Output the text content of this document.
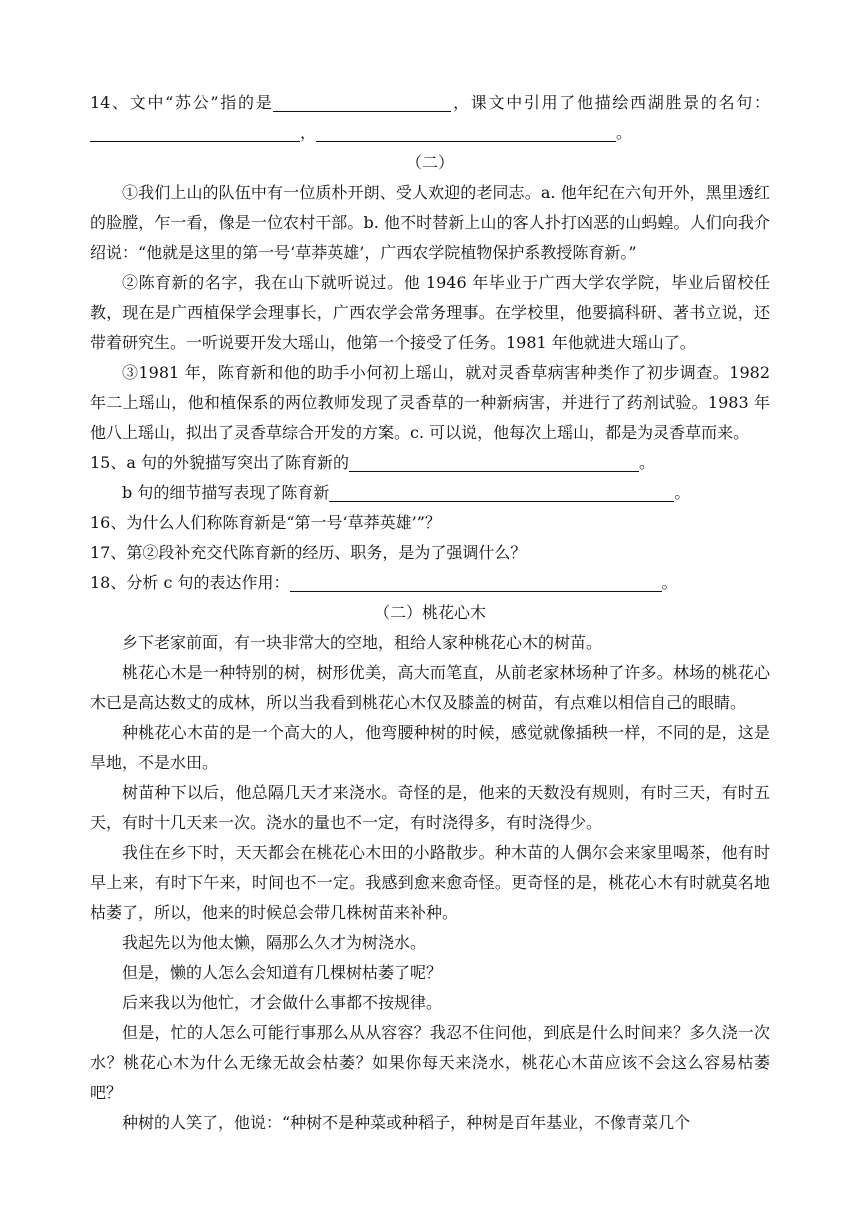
14、文中“苏公”指的是	，课文中引用了他描绘西湖胜景的名句：，	。

（二）

①我们上山的队伍中有一位质朴开朗、受人欢迎的老同志。a. 他年纪在六旬开外，黑里透红的脸膛，乍一看，像是一位农村干部。b. 他不时替新上山的客人扑打凶恶的山蚂蝗。人们向我介绍说：“他就是这里的第一号‘草莽英雄’，广西农学院植物保护系教授陈育新。”

②陈育新的名字，我在山下就听说过。他 1946 年毕业于广西大学农学院，毕业后留校任教，现在是广西植保学会理事长，广西农学会常务理事。在学校里，他要搞科研、著书立说，还带着研究生。一听说要开发大瑶山，他第一个接受了任务。1981 年他就进大瑶山了。

③1981 年，陈育新和他的助手小何初上瑶山，就对灵香草病害种类作了初步调查。1982 年二上瑶山，他和植保系的两位教师发现了灵香草的一种新病害，并进行了药剂试验。1983 年他八上瑶山，拟出了灵香草综合开发的方案。c. 可以说，他每次上瑶山，都是为灵香草而来。

15、a 句的外貌描写突出了陈育新的	。

b 句的细节描写表现了陈育新	。

16、为什么人们称陈育新是“第一号‘草莽英雄’”？

17、第②段补充交代陈育新的经历、职务，是为了强调什么？

18、分析 c 句的表达作用：	。

（二）桃花心木

乡下老家前面，有一块非常大的空地，租给人家种桃花心木的树苗。

桃花心木是一种特别的树，树形优美，高大而笔直，从前老家林场种了许多。林场的桃花心木已是高达数丈的成林，所以当我看到桃花心木仅及膝盖的树苗，有点难以相信自己的眼睛。

种桃花心木苗的是一个高大的人，他弯腰种树的时候，感觉就像插秧一样，不同的是，这是旱地，不是水田。

树苗种下以后，他总隔几天才来浇水。奇怪的是，他来的天数没有规则，有时三天，有时五天，有时十几天来一次。浇水的量也不一定，有时浇得多，有时浇得少。

我住在乡下时，天天都会在桃花心木田的小路散步。种木苗的人偶尔会来家里喝茶，他有时早上来，有时下午来，时间也不一定。我感到愈来愈奇怪。更奇怪的是，桃花心木有时就莫名地枯萎了，所以，他来的时候总会带几株树苗来补种。

我起先以为他太懒，隔那么久才为树浇水。

但是，懒的人怎么会知道有几棵树枯萎了呢？

后来我以为他忙，才会做什么事都不按规律。

但是，忙的人怎么可能行事那么从从容容？我忍不住问他，到底是什么时间来？多久浇一次水？桃花心木为什么无缘无故会枯萎？如果你每天来浇水，桃花心木苗应该不会这么容易枯萎吧？

种树的人笑了，他说：“种树不是种菜或种稻子，种树是百年基业，不像青菜几个
